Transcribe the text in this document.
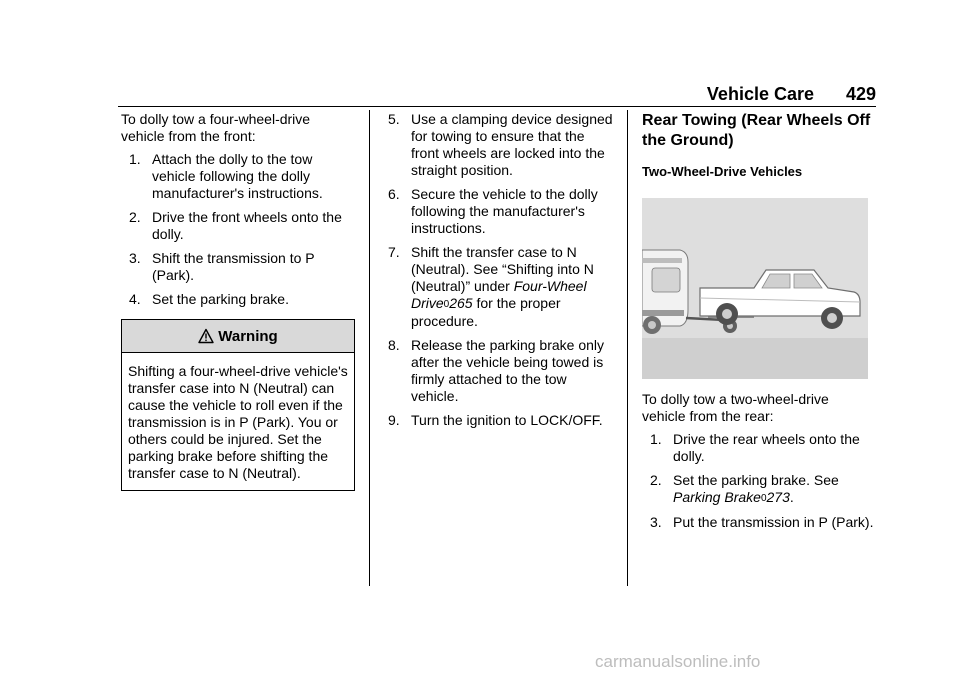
Vehicle Care 429

To dolly tow a four-wheel-drive vehicle from the front:

1. Attach the dolly to the tow vehicle following the dolly manufacturer's instructions.
2. Drive the front wheels onto the dolly.
3. Shift the transmission to P (Park).
4. Set the parking brake.
Warning
Shifting a four-wheel-drive vehicle's transfer case into N (Neutral) can cause the vehicle to roll even if the transmission is in P (Park). You or others could be injured. Set the parking brake before shifting the transfer case to N (Neutral).
5. Use a clamping device designed for towing to ensure that the front wheels are locked into the straight position.
6. Secure the vehicle to the dolly following the manufacturer's instructions.
7. Shift the transfer case to N (Neutral). See “Shifting into N (Neutral)” under Four-Wheel Drive0265 for the proper procedure.
8. Release the parking brake only after the vehicle being towed is firmly attached to the tow vehicle.
9. Turn the ignition to LOCK/OFF.
Rear Towing (Rear Wheels Off the Ground)
Two-Wheel-Drive Vehicles

To dolly tow a two-wheel-drive vehicle from the rear:

1. Drive the rear wheels onto the dolly.
2. Set the parking brake. See Parking Brake0273.
3. Put the transmission in P (Park).
carmanualsonline.info
